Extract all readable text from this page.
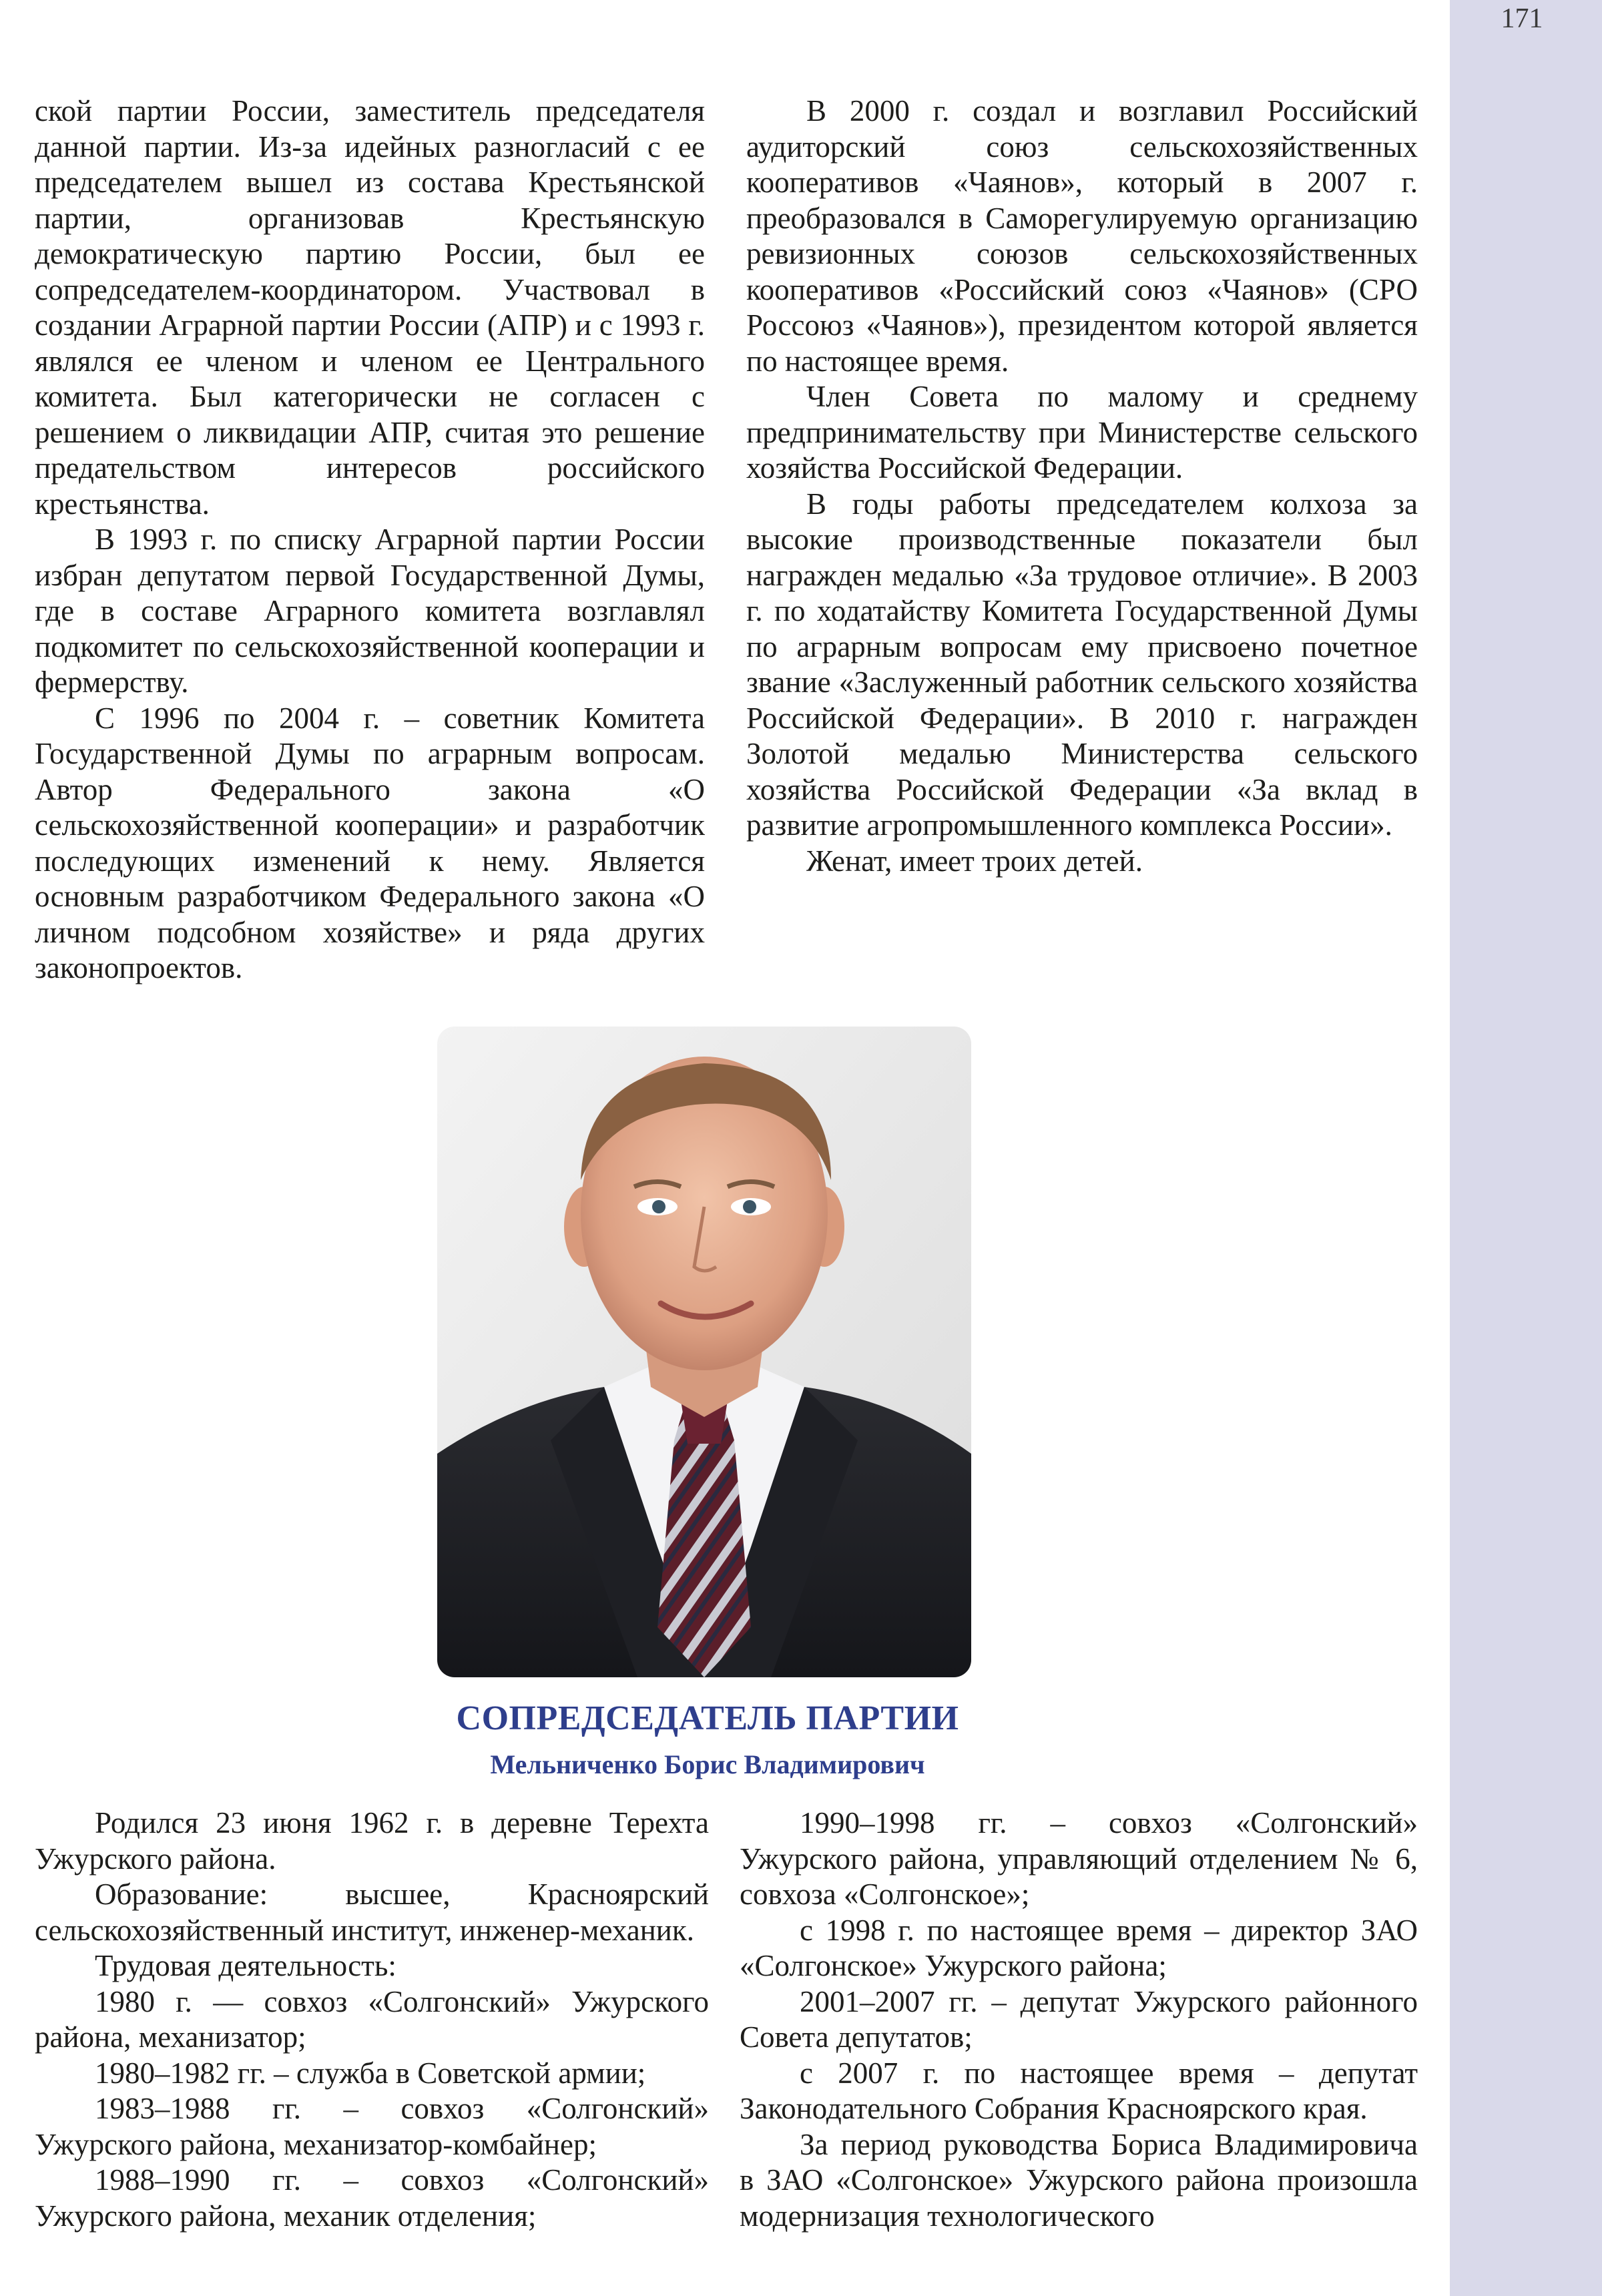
171

ской партии России, заместитель председателя данной партии. Из-за идейных разногласий с ее председателем вышел из состава Крестьянской партии, организовав Крестьянскую демократическую партию России, был ее сопредседателем-координатором. Участвовал в создании Аграрной партии России (АПР) и с 1993 г. являлся ее членом и членом ее Центрального комитета. Был категорически не согласен с решением о ликвидации АПР, считая это решение предательством интересов российского крестьянства.

В 1993 г. по списку Аграрной партии России избран депутатом первой Государственной Думы, где в составе Аграрного комитета возглавлял подкомитет по сельскохозяйственной кооперации и фермерству.

С 1996 по 2004 г. – советник Комитета Государственной Думы по аграрным вопросам. Автор Федерального закона «О сельскохозяйственной кооперации» и разработчик последующих изменений к нему. Является основным разработчиком Федерального закона «О личном подсобном хозяйстве» и ряда других законопроектов.

В 2000 г. создал и возглавил Российский аудиторский союз сельскохозяйственных кооперативов «Чаянов», который в 2007 г. преобразовался в Саморегулируемую организацию ревизионных союзов сельскохозяйственных кооперативов «Российский союз «Чаянов» (СРО Россоюз «Чаянов»), президентом которой является по настоящее время.

Член Совета по малому и среднему предпринимательству при Министерстве сельского хозяйства Российской Федерации.

В годы работы председателем колхоза за высокие производственные показатели был награжден медалью «За трудовое отличие». В 2003 г. по ходатайству Комитета Государственной Думы по аграрным вопросам ему присвоено почетное звание «Заслуженный работник сельского хозяйства Российской Федерации». В 2010 г. награжден Золотой медалью Министерства сельского хозяйства Российской Федерации «За вклад в развитие агропромышленного комплекса России».

Женат, имеет троих детей.

СОПРЕДСЕДАТЕЛЬ ПАРТИИ
Мельниченко Борис Владимирович

Родился 23 июня 1962 г. в деревне Терехта Ужурского района.

Образование: высшее, Красноярский сельскохозяйственный институт, инженер-механик.

Трудовая деятельность:

1980 г. — совхоз «Солгонский» Ужурского района, механизатор;

1980–1982 гг. – служба в Советской армии;

1983–1988 гг. – совхоз «Солгонский» Ужурского района, механизатор-комбайнер;

1988–1990 гг. – совхоз «Солгонский» Ужурского района, механик отделения;

1990–1998 гг. – совхоз «Солгонский» Ужурского района, управляющий отделением № 6, совхоза «Солгонское»;

с 1998 г. по настоящее время – директор ЗАО «Солгонское» Ужурского района;

2001–2007 гг. – депутат Ужурского районного Совета депутатов;

с 2007 г. по настоящее время – депутат Законодательного Собрания Красноярского края.

За период руководства Бориса Владимировича в ЗАО «Солгонское» Ужурского района произошла модернизация технологического
